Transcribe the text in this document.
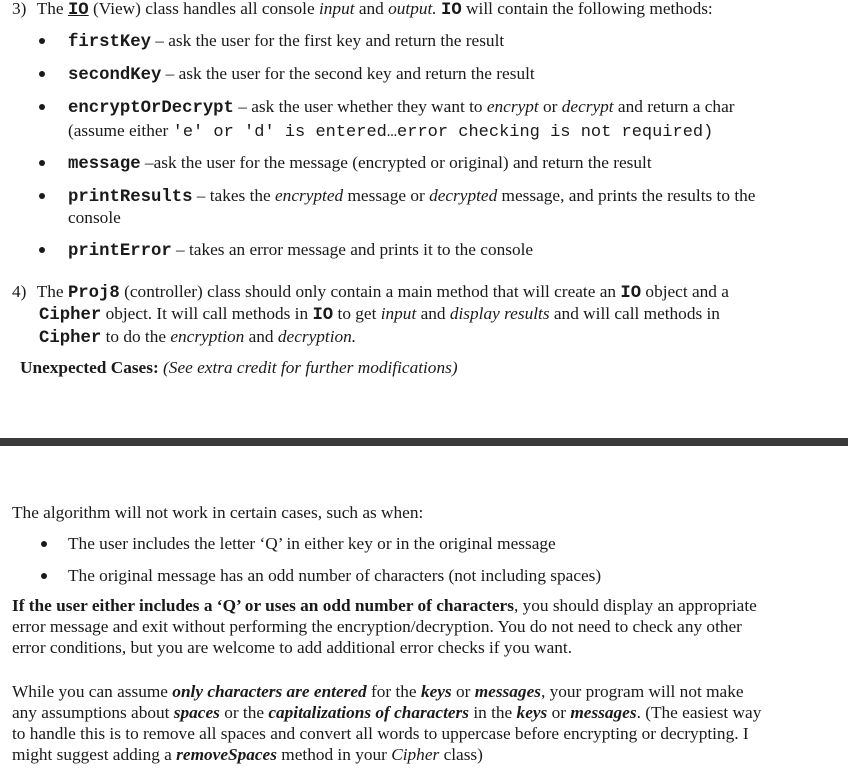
3) The IO (View) class handles all console input and output. IO will contain the following methods:
firstKey – ask the user for the first key and return the result
secondKey – ask the user for the second key and return the result
encryptOrDecrypt – ask the user whether they want to encrypt or decrypt and return a char
(assume either 'e' or 'd' is entered…error checking is not required)
message –ask the user for the message (encrypted or original) and return the result
printResults – takes the encrypted message or decrypted message, and prints the results to the
console
printError – takes an error message and prints it to the console
4) The Proj8 (controller) class should only contain a main method that will create an IO object and a
Cipher object. It will call methods in IO to get input and display results and will call methods in
Cipher to do the encryption and decryption.
Unexpected Cases: (See extra credit for further modifications)
The algorithm will not work in certain cases, such as when:
The user includes the letter ‘Q’ in either key or in the original message
The original message has an odd number of characters (not including spaces)
If the user either includes a ‘Q’ or uses an odd number of characters, you should display an appropriate
error message and exit without performing the encryption/decryption. You do not need to check any other
error conditions, but you are welcome to add additional error checks if you want.
While you can assume only characters are entered for the keys or messages, your program will not make
any assumptions about spaces or the capitalizations of characters in the keys or messages. (The easiest way
to handle this is to remove all spaces and convert all words to uppercase before encrypting or decrypting. I
might suggest adding a removeSpaces method in your Cipher class)
